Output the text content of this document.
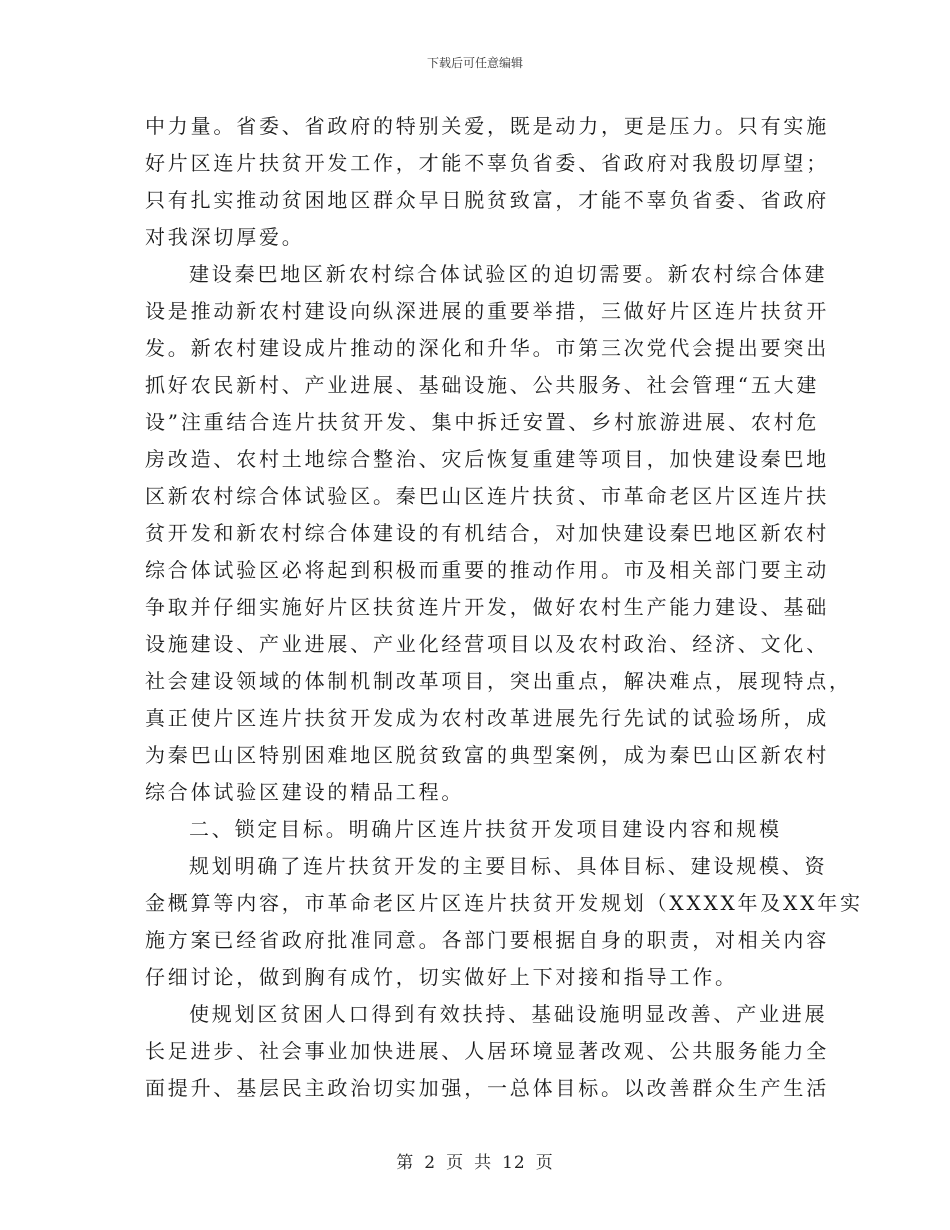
下载后可任意编辑
中力量。省委、省政府的特别关爱，既是动力，更是压力。只有实施
好片区连片扶贫开发工作，才能不辜负省委、省政府对我殷切厚望；
只有扎实推动贫困地区群众早日脱贫致富，才能不辜负省委、省政府
对我深切厚爱。
建设秦巴地区新农村综合体试验区的迫切需要。新农村综合体建
设是推动新农村建设向纵深进展的重要举措，三做好片区连片扶贫开
发。新农村建设成片推动的深化和升华。市第三次党代会提出要突出
抓好农民新村、产业进展、基础设施、公共服务、社会管理“五大建
设”注重结合连片扶贫开发、集中拆迁安置、乡村旅游进展、农村危
房改造、农村土地综合整治、灾后恢复重建等项目，加快建设秦巴地
区新农村综合体试验区。秦巴山区连片扶贫、市革命老区片区连片扶
贫开发和新农村综合体建设的有机结合，对加快建设秦巴地区新农村
综合体试验区必将起到积极而重要的推动作用。市及相关部门要主动
争取并仔细实施好片区扶贫连片开发，做好农村生产能力建设、基础
设施建设、产业进展、产业化经营项目以及农村政治、经济、文化、
社会建设领域的体制机制改革项目，突出重点，解决难点，展现特点，
真正使片区连片扶贫开发成为农村改革进展先行先试的试验场所，成
为秦巴山区特别困难地区脱贫致富的典型案例，成为秦巴山区新农村
综合体试验区建设的精品工程。
二、锁定目标。明确片区连片扶贫开发项目建设内容和规模
规划明确了连片扶贫开发的主要目标、具体目标、建设规模、资
金概算等内容，市革命老区片区连片扶贫开发规划（XXXX年及XX年实
施方案已经省政府批准同意。各部门要根据自身的职责，对相关内容
仔细讨论，做到胸有成竹，切实做好上下对接和指导工作。
使规划区贫困人口得到有效扶持、基础设施明显改善、产业进展
长足进步、社会事业加快进展、人居环境显著改观、公共服务能力全
面提升、基层民主政治切实加强，一总体目标。以改善群众生产生活
第 2 页 共 12 页
